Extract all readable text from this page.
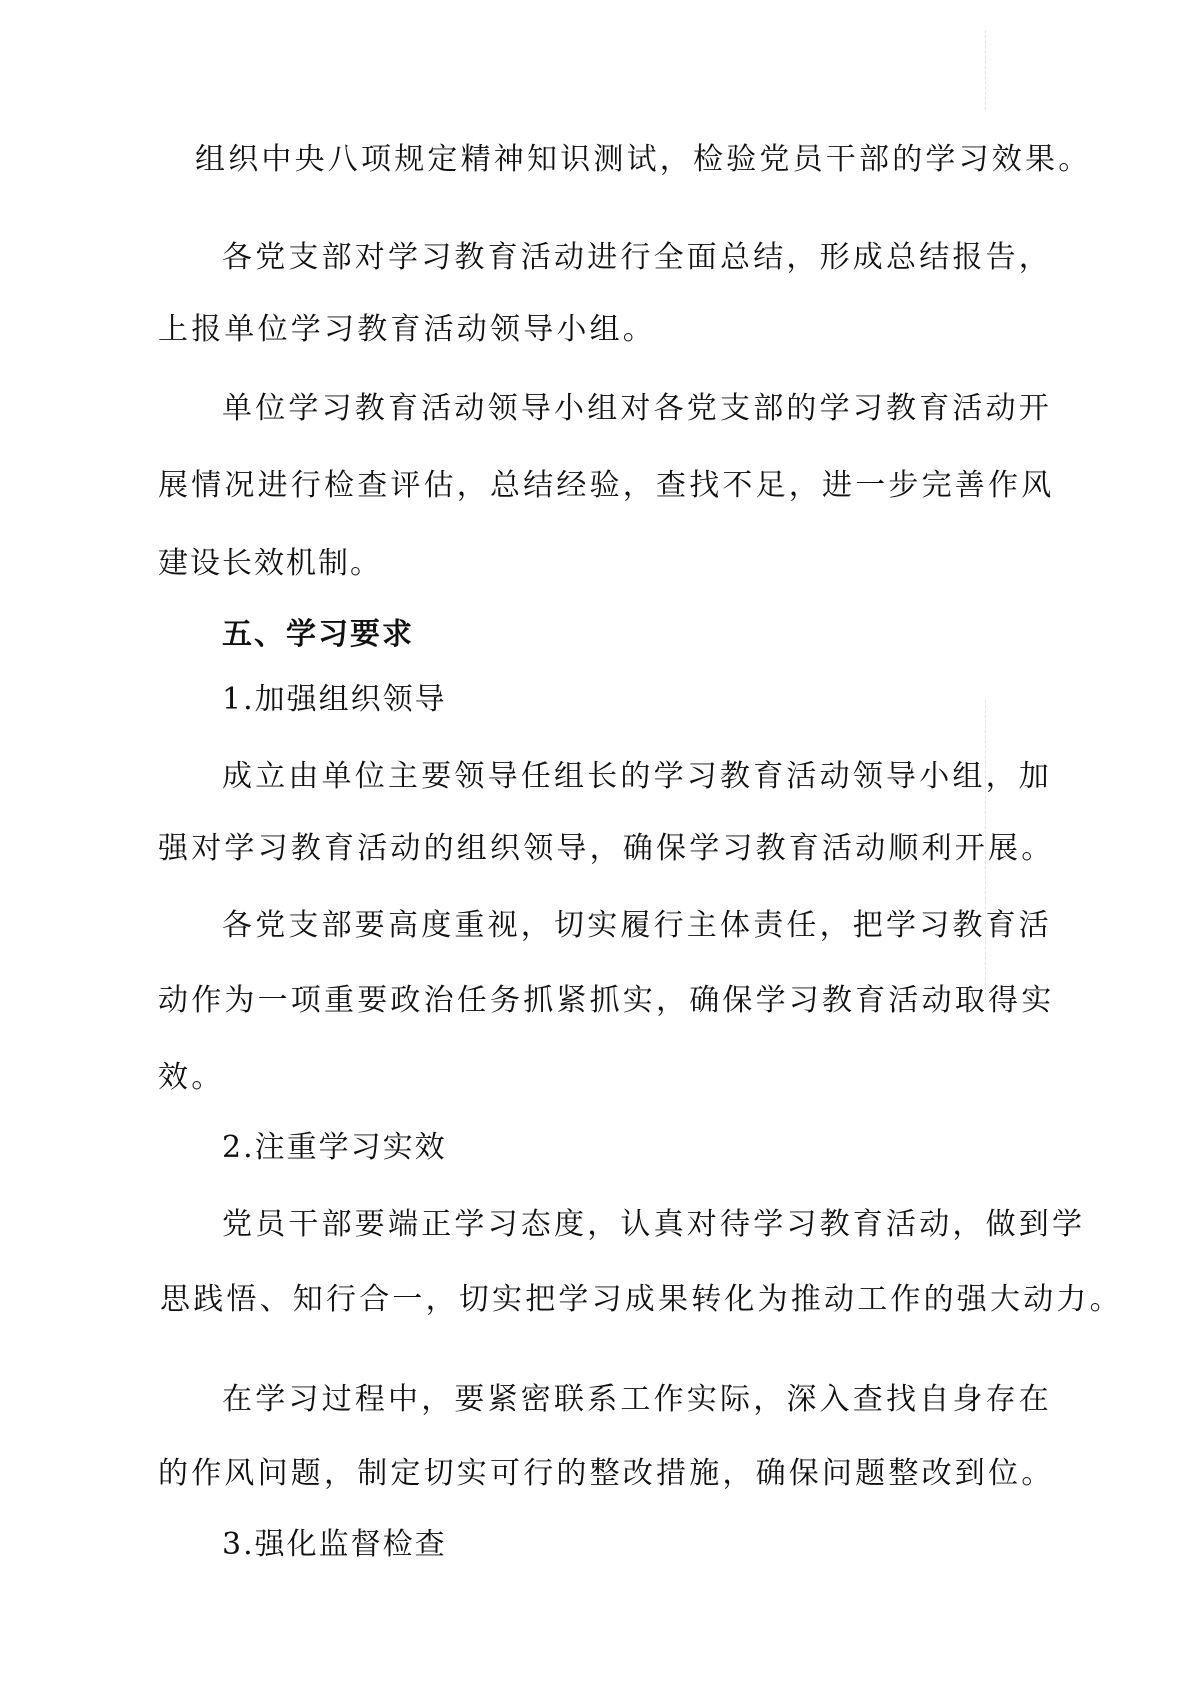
组织中央八项规定精神知识测试，检验党员干部的学习效果。
各党支部对学习教育活动进行全面总结，形成总结报告，
上报单位学习教育活动领导小组。
单位学习教育活动领导小组对各党支部的学习教育活动开
展情况进行检查评估，总结经验，查找不足，进一步完善作风
建设长效机制。
五、学习要求
1.加强组织领导
成立由单位主要领导任组长的学习教育活动领导小组，加
强对学习教育活动的组织领导，确保学习教育活动顺利开展。
各党支部要高度重视，切实履行主体责任，把学习教育活
动作为一项重要政治任务抓紧抓实，确保学习教育活动取得实
效。
2.注重学习实效
党员干部要端正学习态度，认真对待学习教育活动，做到学
思践悟、知行合一，切实把学习成果转化为推动工作的强大动力。
在学习过程中，要紧密联系工作实际，深入查找自身存在
的作风问题，制定切实可行的整改措施，确保问题整改到位。
3.强化监督检查
